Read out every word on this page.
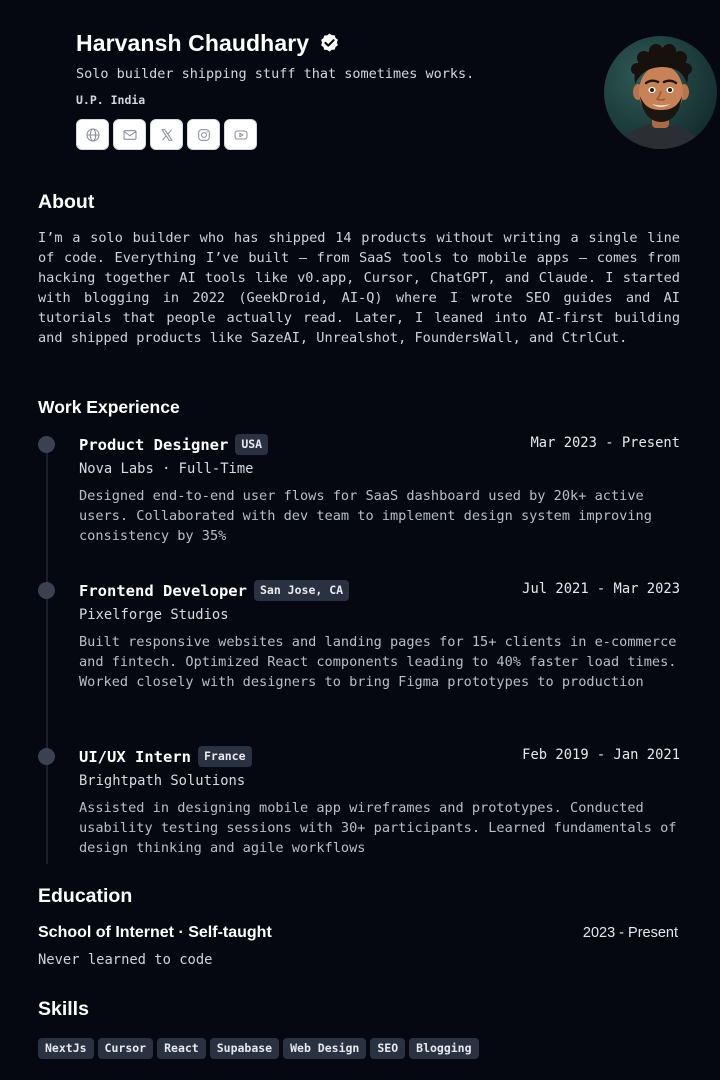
Harvansh Chaudhary
Solo builder shipping stuff that sometimes works.
U.P. India
About
I’m a solo builder who has shipped 14 products without writing a single line of code. Everything I’ve built — from SaaS tools to mobile apps — comes from hacking together AI tools like v0.app, Cursor, ChatGPT, and Claude. I started with blogging in 2022 (GeekDroid, AI-Q) where I wrote SEO guides and AI tutorials that people actually read. Later, I leaned into AI-first building and shipped products like SazeAI, Unrealshot, FoundersWall, and CtrlCut.
Work Experience
Product Designer	USA	Mar 2023 - Present
Nova Labs · Full-Time
Designed end-to-end user flows for SaaS dashboard used by 20k+ active users. Collaborated with dev team to implement design system improving consistency by 35%
Frontend Developer	San Jose, CA	Jul 2021 - Mar 2023
Pixelforge Studios
Built responsive websites and landing pages for 15+ clients in e-commerce and fintech. Optimized React components leading to 40% faster load times. Worked closely with designers to bring Figma prototypes to production
UI/UX Intern	France	Feb 2019 - Jan 2021
Brightpath Solutions
Assisted in designing mobile app wireframes and prototypes. Conducted usability testing sessions with 30+ participants. Learned fundamentals of design thinking and agile workflows
Education
School of Internet · Self-taught	2023 - Present
Never learned to code
Skills
NextJs	Cursor	React	Supabase	Web Design	SEO	Blogging
